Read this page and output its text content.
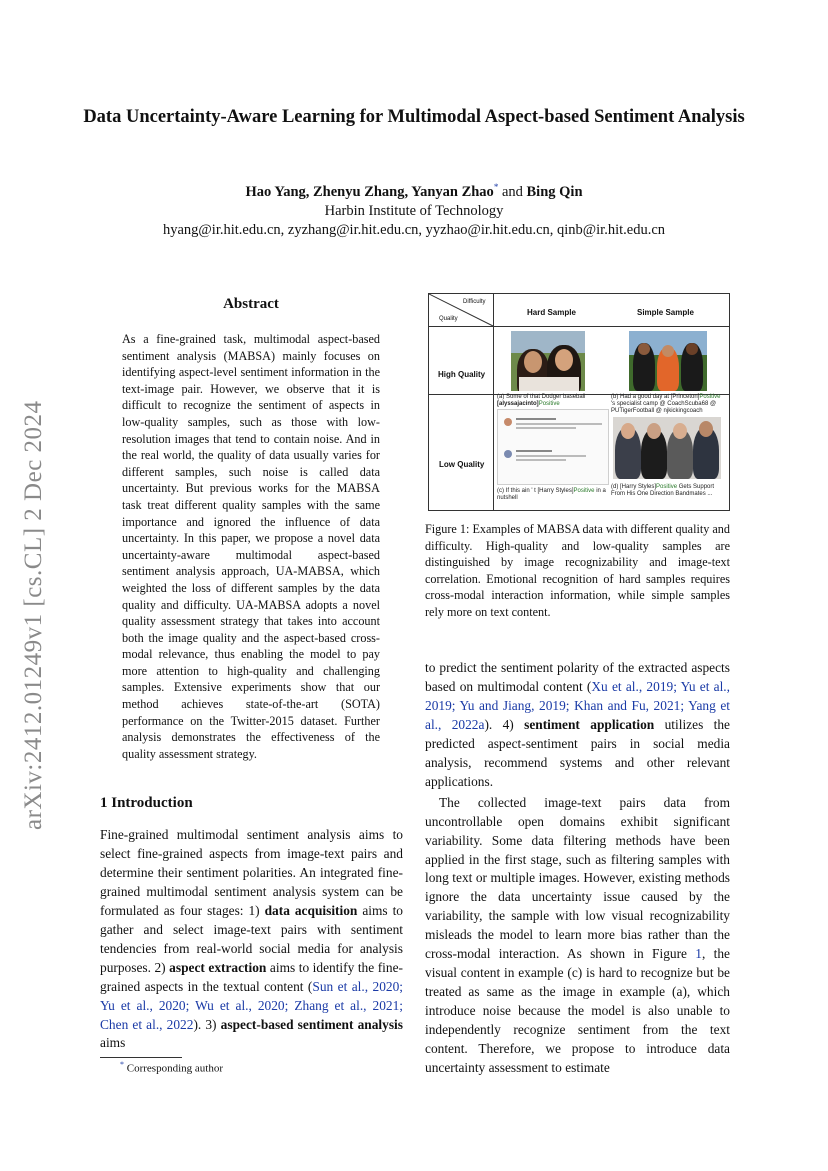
arXiv:2412.01249v1 [cs.CL] 2 Dec 2024
Data Uncertainty-Aware Learning for Multimodal Aspect-based Sentiment Analysis
Hao Yang, Zhenyu Zhang, Yanyan Zhao* and Bing Qin
Harbin Institute of Technology
hyang@ir.hit.edu.cn, zyzhang@ir.hit.edu.cn, yyzhao@ir.hit.edu.cn, qinb@ir.hit.edu.cn
Abstract
As a fine-grained task, multimodal aspect-based sentiment analysis (MABSA) mainly focuses on identifying aspect-level sentiment information in the text-image pair. However, we observe that it is difficult to recognize the sentiment of aspects in low-quality samples, such as those with low-resolution images that tend to contain noise. And in the real world, the quality of data usually varies for different samples, such noise is called data uncertainty. But previous works for the MABSA task treat different quality samples with the same importance and ignored the influence of data uncertainty. In this paper, we propose a novel data uncertainty-aware multimodal aspect-based sentiment analysis approach, UA-MABSA, which weighted the loss of different samples by the data quality and difficulty. UA-MABSA adopts a novel quality assessment strategy that takes into account both the image quality and the aspect-based cross-modal relevance, thus enabling the model to pay more attention to high-quality and challenging samples. Extensive experiments show that our method achieves state-of-the-art (SOTA) performance on the Twitter-2015 dataset. Further analysis demonstrates the effectiveness of the quality assessment strategy.
1 Introduction
Fine-grained multimodal sentiment analysis aims to select fine-grained aspects from image-text pairs and determine their sentiment polarities. An integrated fine-grained multimodal sentiment analysis system can be formulated as four stages: 1) data acquisition aims to gather and select image-text pairs with sentiment tendencies from real-world social media for analysis purposes. 2) aspect extraction aims to identify the fine-grained aspects in the textual content (Sun et al., 2020; Yu et al., 2020; Wu et al., 2020; Zhang et al., 2021; Chen et al., 2022). 3) aspect-based sentiment analysis aims
* Corresponding author
Difficulty
Quality
Hard Sample	Simple Sample
High Quality
Low Quality
(a) Some of that Dodger baseball
[alyssajacinto]Positive
(b) Had a good day at [Princeton]Positive
's specialist camp @ CoachScuba68 @
PUTigerFootball @ njkickingcoach
(c) If this ain ' t [Harry Styles]Positive in a
nutshell
(d) [Harry Styles]Positive Gets Support
From His One Direction Bandmates ...
Figure 1: Examples of MABSA data with different quality and difficulty. High-quality and low-quality samples are distinguished by image recognizability and image-text correlation. Emotional recognition of hard samples requires cross-modal interaction information, while simple samples rely more on text content.

to predict the sentiment polarity of the extracted aspects based on multimodal content (Xu et al., 2019; Yu et al., 2019; Yu and Jiang, 2019; Khan and Fu, 2021; Yang et al., 2022a). 4) sentiment application utilizes the predicted aspect-sentiment pairs in social media analysis, recommend systems and other relevant applications.

The collected image-text pairs data from uncontrollable open domains exhibit significant variability. Some data filtering methods have been applied in the first stage, such as filtering samples with long text or multiple images. However, existing methods ignore the data uncertainty issue caused by the variability, the sample with low visual recognizability misleads the model to learn more bias rather than the cross-modal interaction. As shown in Figure 1, the visual content in example (c) is hard to recognize but be treated as same as the image in example (a), which introduce noise because the model is also unable to independently recognize sentiment from the text content. Therefore, we propose to introduce data uncertainty assessment to estimate
